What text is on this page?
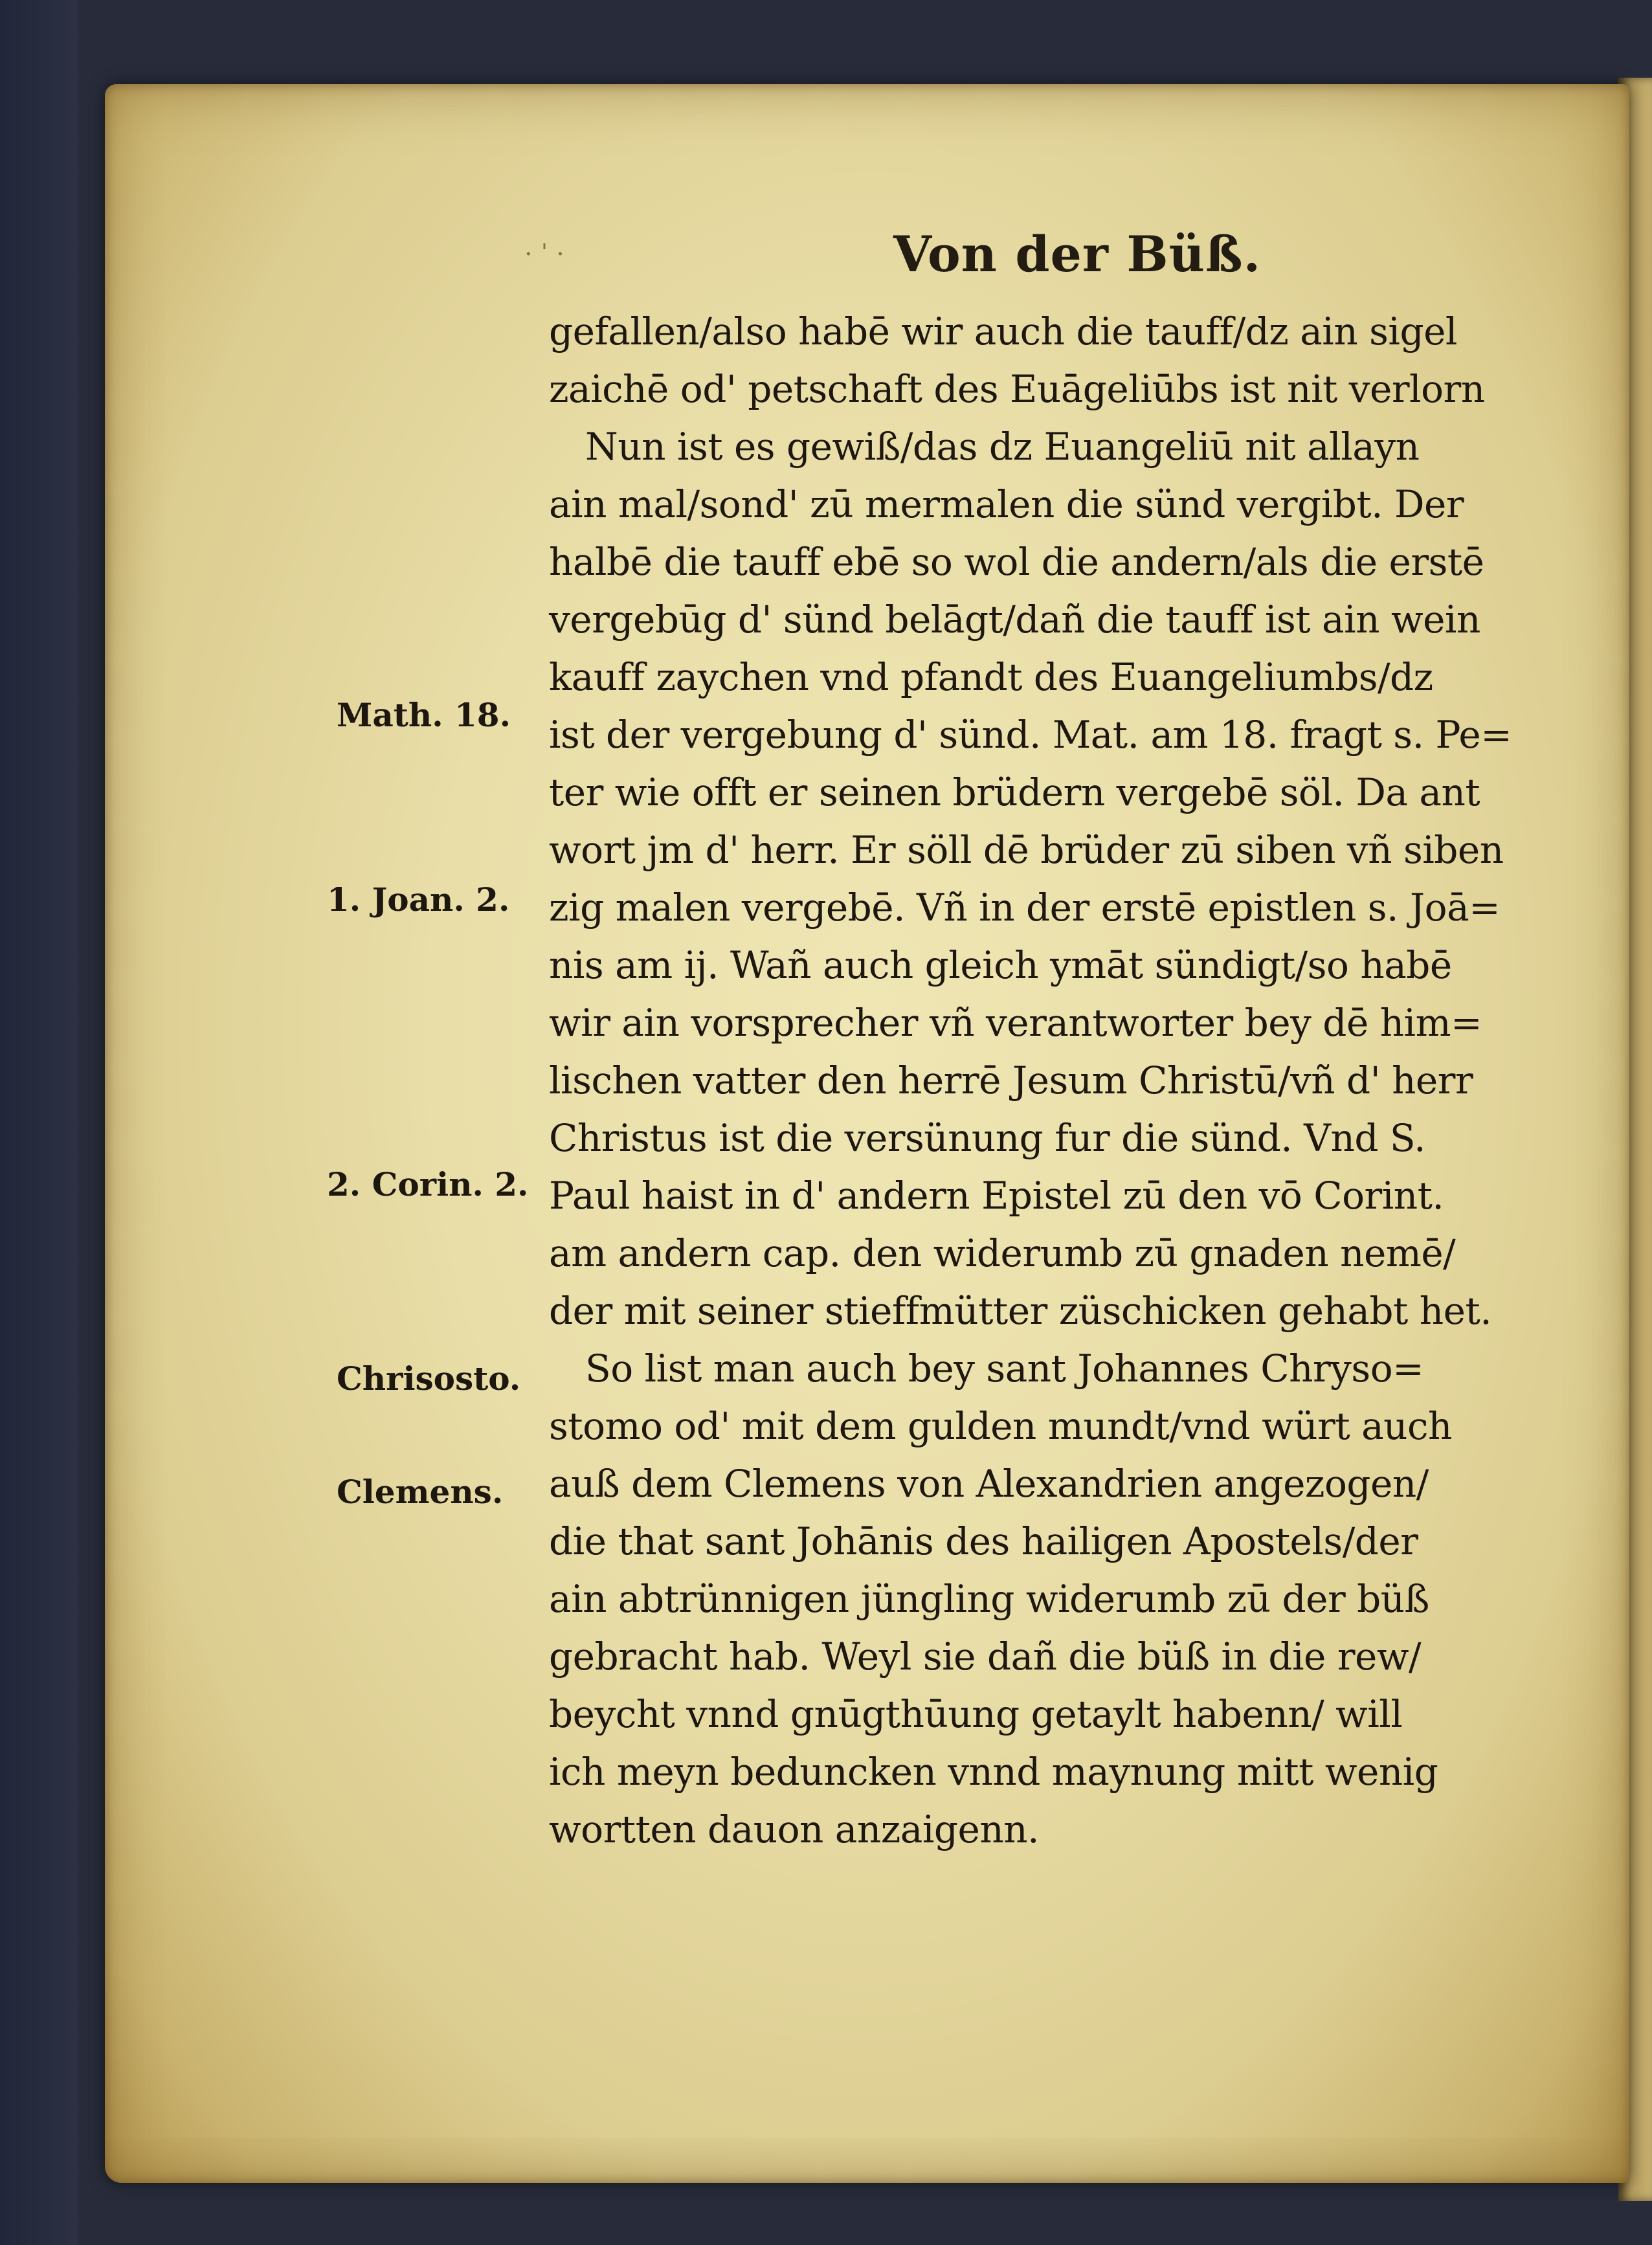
· ˈ ·	Von der Büß.
gefallen/also habē wir auch die tauff/dz ain sigel
zaichē od' petschaft des Euāgeliūbs ist nit verlorn
Nun ist es gewiß/das dz Euangeliū nit allayn
ain mal/sond' zū mermalen die sünd vergibt. Der
halbē die tauff ebē so wol die andern/als die erstē
vergebūg d' sünd belāgt/dañ die tauff ist ain wein
kauff zaychen vnd pfandt des Euangeliumbs/dz
ist der vergebung d' sünd. Mat. am 18. fragt s. Pe=
ter wie offt er seinen brüdern vergebē söl. Da ant
wort jm d' herr. Er söll dē brüder zū siben vñ siben
zig malen vergebē. Vñ in der erstē epistlen s. Joā=
nis am ij. Wañ auch gleich ymāt sündigt/so habē
wir ain vorsprecher vñ verantworter bey dē him=
lischen vatter den herrē Jesum Christū/vñ d' herr
Christus ist die versünung fur die sünd. Vnd S.
Paul haist in d' andern Epistel zū den vō Corint.
am andern cap. den widerumb zū gnaden nemē/
der mit seiner stieffmütter züschicken gehabt het.
So list man auch bey sant Johannes Chryso=
stomo od' mit dem gulden mundt/vnd würt auch
auß dem Clemens von Alexandrien angezogen/
die that sant Johānis des hailigen Apostels/der
ain abtrünnigen jüngling widerumb zū der büß
gebracht hab. Weyl sie dañ die büß in die rew/
beycht vnnd gnūgthūung getaylt habenn/ will
ich meyn beduncken vnnd maynung mitt wenig
wortten dauon anzaigenn.
Math. 18.
1. Joan. 2.
2. Corin. 2.
Chrisosto.
Clemens.
